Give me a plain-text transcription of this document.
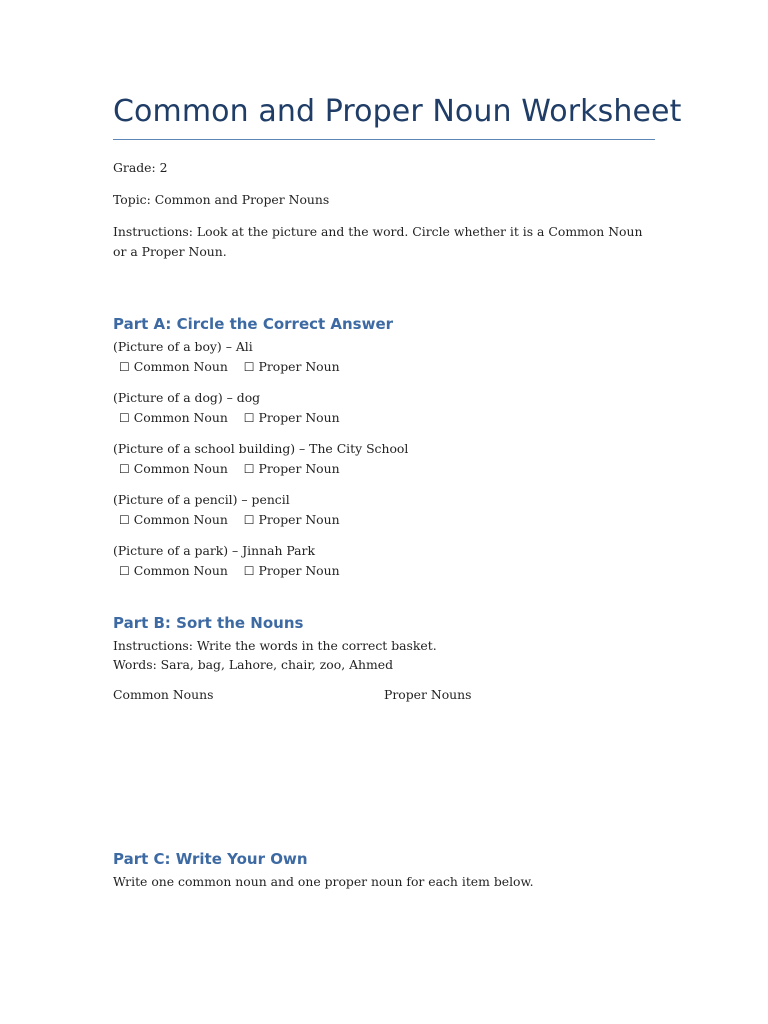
Common and Proper Noun Worksheet
Grade: 2
Topic: Common and Proper Nouns
Instructions: Look at the picture and the word. Circle whether it is a Common Noun or a Proper Noun.
Part A: Circle the Correct Answer
(Picture of a boy) – Ali
☐ Common Noun ☐ Proper Noun
(Picture of a dog) – dog
☐ Common Noun ☐ Proper Noun
(Picture of a school building) – The City School
☐ Common Noun ☐ Proper Noun
(Picture of a pencil) – pencil
☐ Common Noun ☐ Proper Noun
(Picture of a park) – Jinnah Park
☐ Common Noun ☐ Proper Noun
Part B: Sort the Nouns
Instructions: Write the words in the correct basket.
Words: Sara, bag, Lahore, chair, zoo, Ahmed
Common Nouns	Proper Nouns
Part C: Write Your Own
Write one common noun and one proper noun for each item below.
